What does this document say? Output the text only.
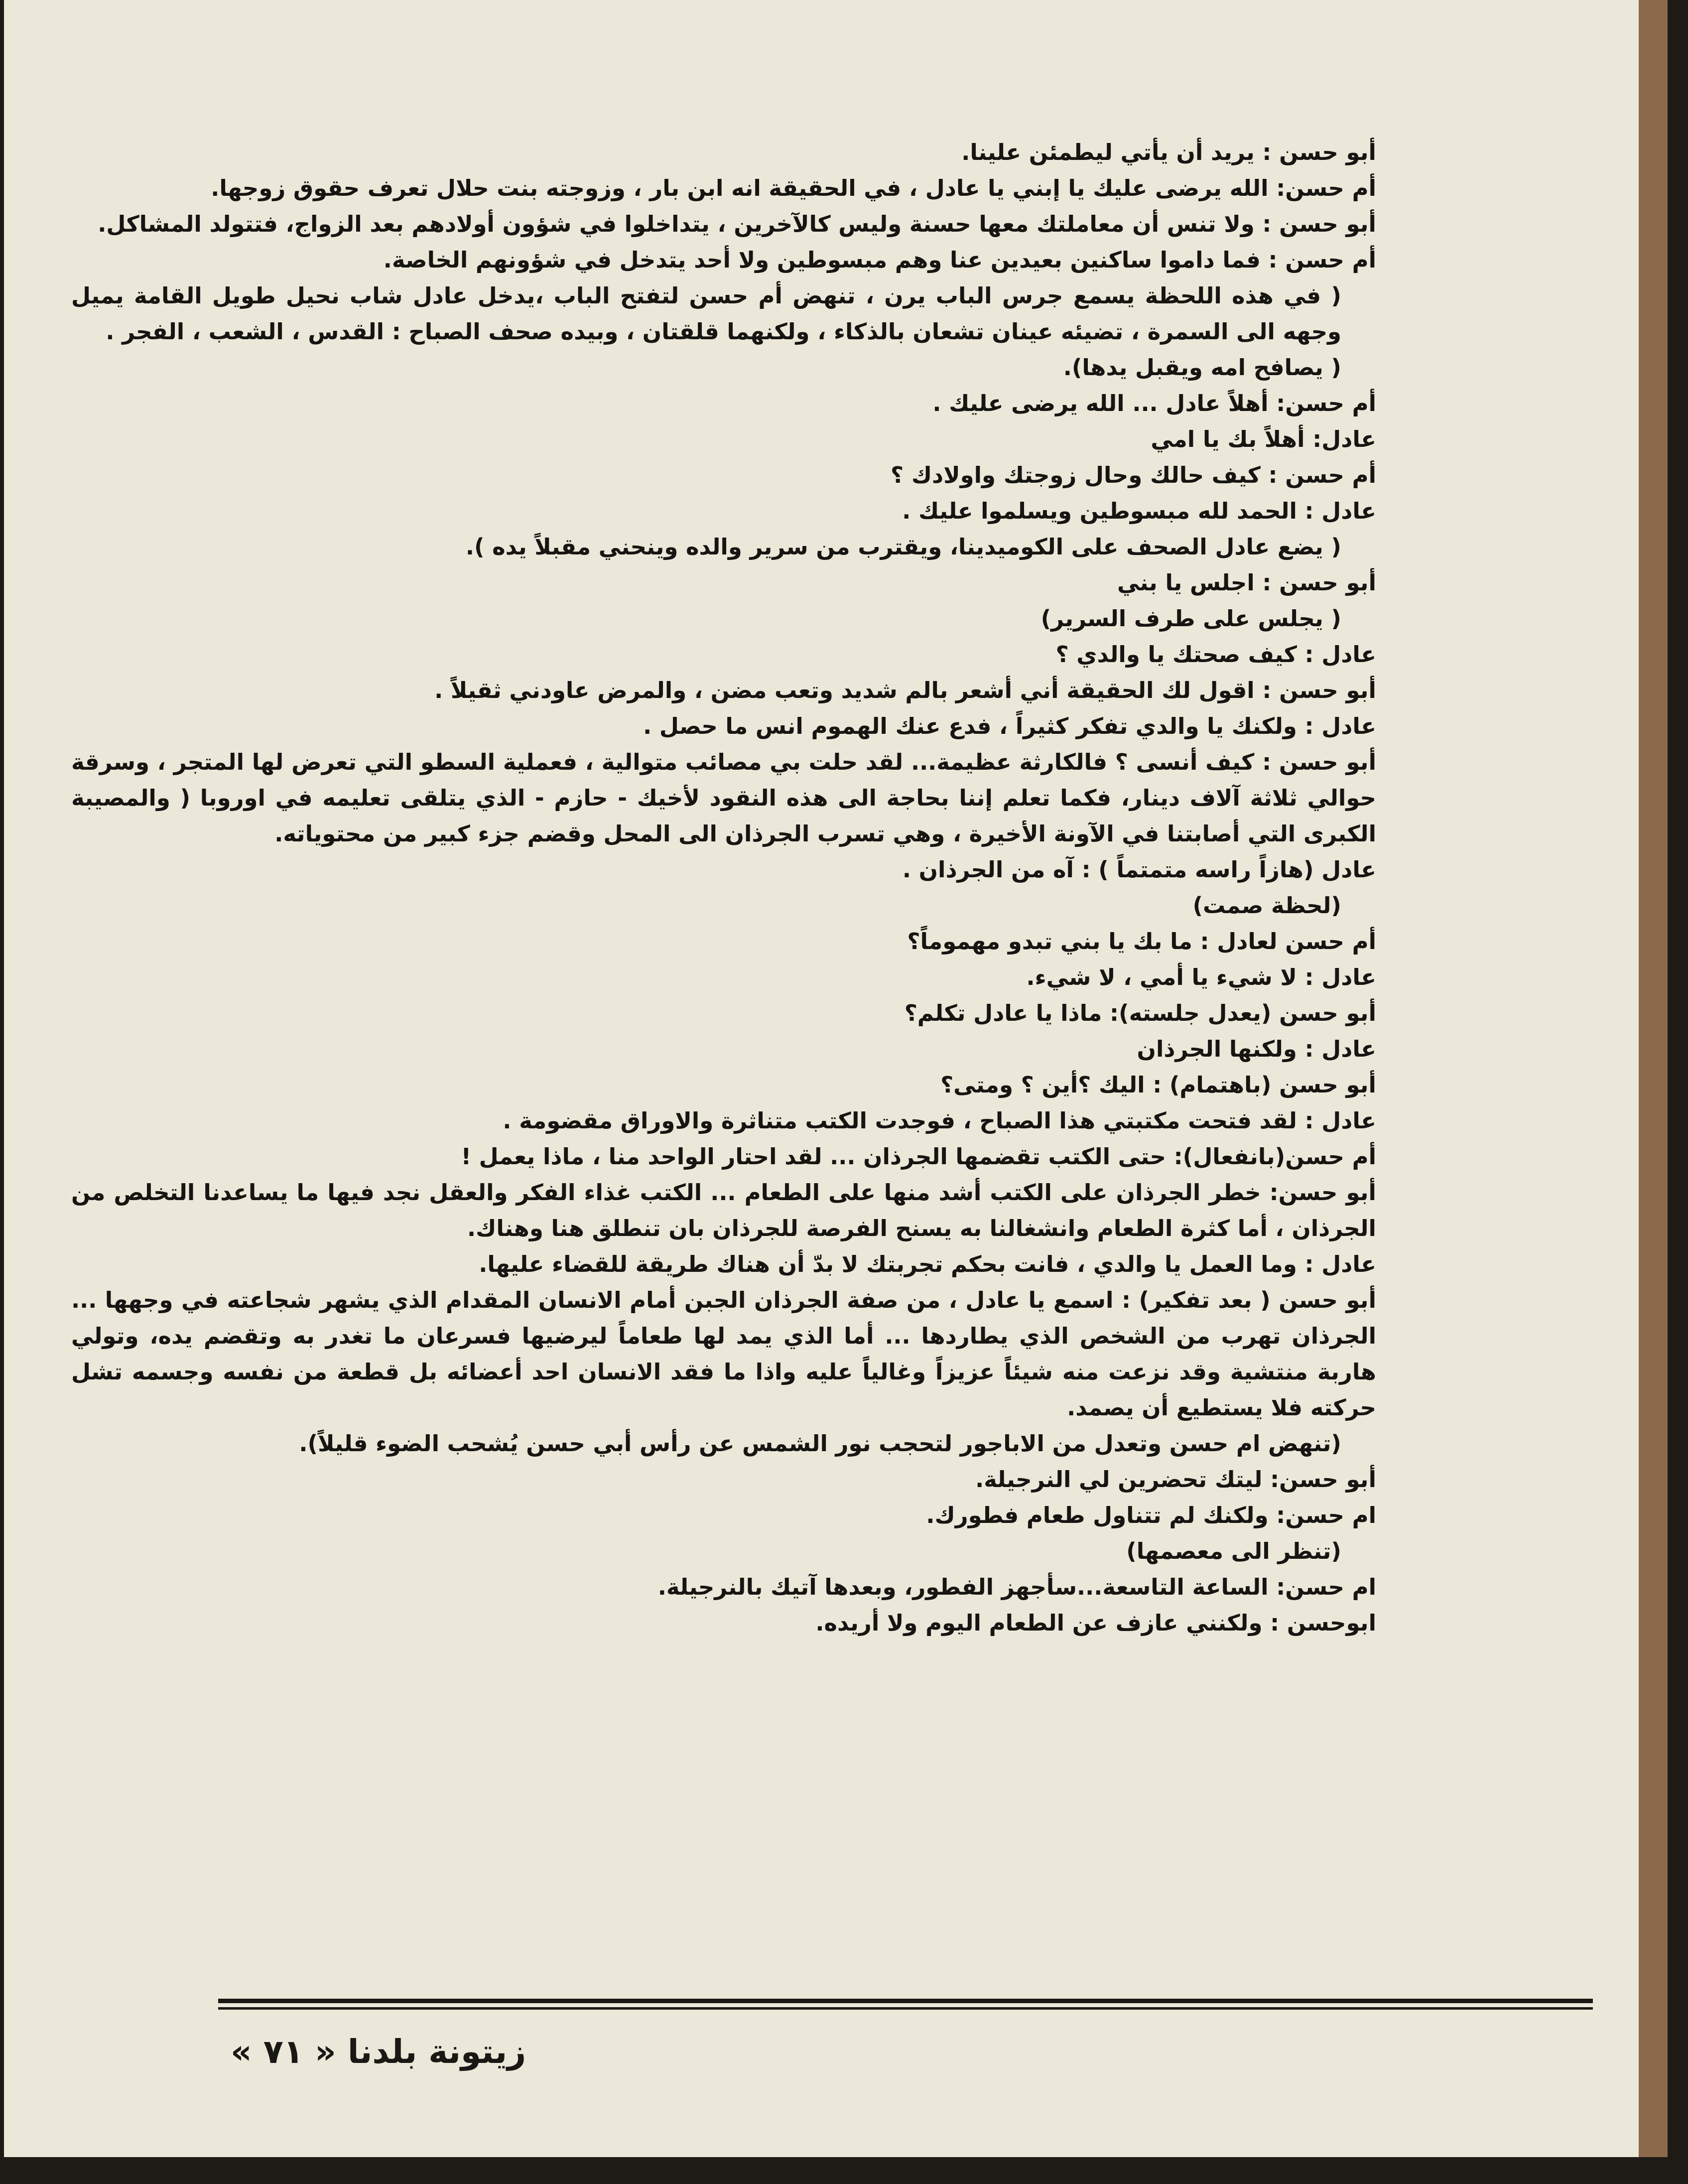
أبو حسن : يريد أن يأتي ليطمئن علينا.

أم حسن: الله يرضى عليك يا إبني يا عادل ، في الحقيقة انه ابن بار ، وزوجته بنت حلال تعرف حقوق زوجها.

أبو حسن : ولا تنس أن معاملتك معها حسنة وليس كالآخرين ، يتداخلوا في شؤون أولادهم بعد الزواج، فتتولد المشاكل.

أم حسن : فما داموا ساكنين بعيدين عنا وهم مبسوطين ولا أحد يتدخل في شؤونهم الخاصة.

( في هذه اللحظة يسمع جرس الباب يرن ، تنهض أم حسن لتفتح الباب ،يدخل عادل شاب نحيل طويل القامة يميل وجهه الى السمرة ، تضيئه عينان تشعان بالذكاء ، ولكنهما قلقتان ، وبيده صحف الصباح : القدس ، الشعب ، الفجر .

( يصافح امه ويقبل يدها).

أم حسن: أهلاً عادل ... الله يرضى عليك .

عادل: أهلاً بك يا امي

أم حسن : كيف حالك وحال زوجتك واولادك ؟

عادل : الحمد لله مبسوطين ويسلموا عليك .

( يضع عادل الصحف على الكوميدينا، ويقترب من سرير والده وينحني مقبلاً يده ).

أبو حسن : اجلس يا بني

( يجلس على طرف السرير)

عادل : كيف صحتك يا والدي ؟

أبو حسن : اقول لك الحقيقة أني أشعر بالم شديد وتعب مضن ، والمرض عاودني ثقيلاً .

عادل : ولكنك يا والدي تفكر كثيراً ، فدع عنك الهموم انس ما حصل .

أبو حسن : كيف أنسى ؟ فالكارثة عظيمة... لقد حلت بي مصائب متوالية ، فعملية السطو التي تعرض لها المتجر ، وسرقة حوالي ثلاثة آلاف دينار، فكما تعلم إننا بحاجة الى هذه النقود لأخيك - حازم - الذي يتلقى تعليمه في اوروبا ( والمصيبة الكبرى التي أصابتنا في الآونة الأخيرة ، وهي تسرب الجرذان الى المحل وقضم جزء كبير من محتوياته.

عادل (هازاً راسه متمتماً ) : آه من الجرذان .

(لحظة صمت)

أم حسن لعادل : ما بك يا بني تبدو مهموماً؟

عادل : لا شيء يا أمي ، لا شيء.

أبو حسن (يعدل جلسته): ماذا يا عادل تكلم؟

عادل : ولكنها الجرذان

أبو حسن (باهتمام) : اليك ؟أين ؟ ومتى؟

عادل : لقد فتحت مكتبتي هذا الصباح ، فوجدت الكتب متناثرة والاوراق مقضومة .

أم حسن(بانفعال): حتى الكتب تقضمها الجرذان ... لقد احتار الواحد منا ، ماذا يعمل !

أبو حسن: خطر الجرذان على الكتب أشد منها على الطعام ... الكتب غذاء الفكر والعقل نجد فيها ما يساعدنا التخلص من الجرذان ، أما كثرة الطعام وانشغالنا به يسنح الفرصة للجرذان بان تنطلق هنا وهناك.

عادل : وما العمل يا والدي ، فانت بحكم تجربتك لا بدّ أن هناك طريقة للقضاء عليها.

أبو حسن ( بعد تفكير) : اسمع يا عادل ، من صفة الجرذان الجبن أمام الانسان المقدام الذي يشهر شجاعته في وجهها ... الجرذان تهرب من الشخص الذي يطاردها ... أما الذي يمد لها طعاماً ليرضيها فسرعان ما تغدر به وتقضم يده، وتولي هاربة منتشية وقد نزعت منه شيئاً عزيزاً وغالياً عليه واذا ما فقد الانسان احد أعضائه بل قطعة من نفسه وجسمه تشل حركته فلا يستطيع أن يصمد.

(تنهض ام حسن وتعدل من الاباجور لتحجب نور الشمس عن رأس أبي حسن يُشحب الضوء قليلاً).

أبو حسن: ليتك تحضرين لي النرجيلة.

ام حسن: ولكنك لم تتناول طعام فطورك.

(تنظر الى معصمها)

ام حسن: الساعة التاسعة...سأجهز الفطور، وبعدها آتيك بالنرجيلة.

ابوحسن : ولكنني عازف عن الطعام اليوم ولا أريده.

زيتونة بلدنا « ٧١ »
